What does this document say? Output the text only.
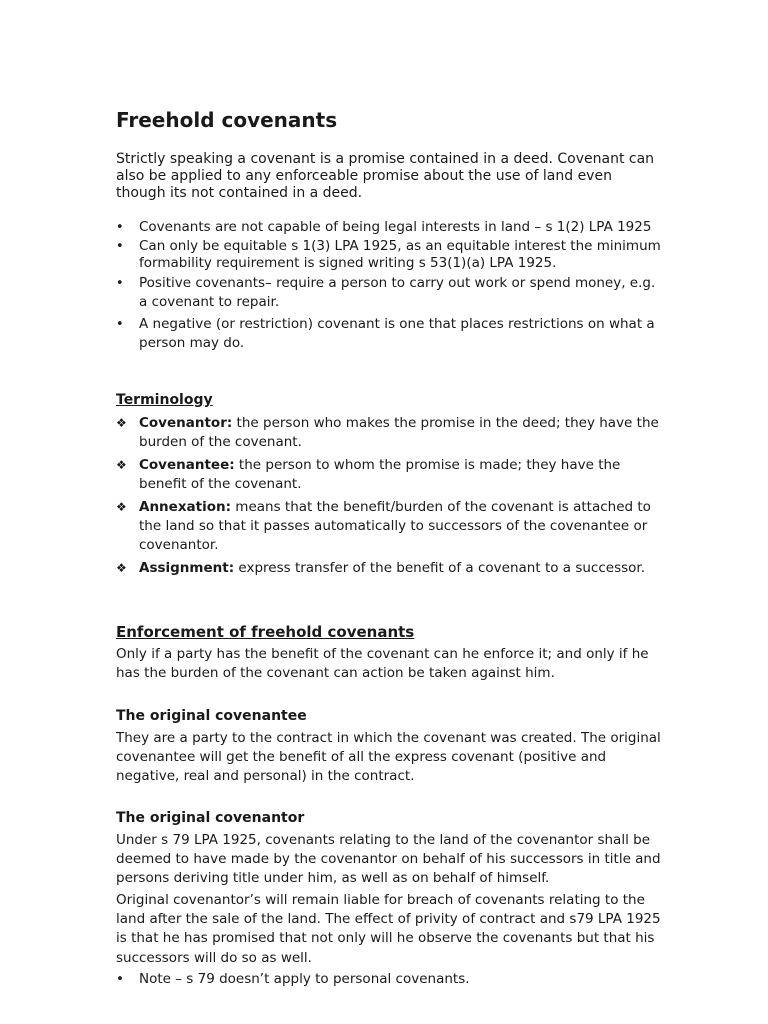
Freehold covenants

Strictly speaking a covenant is a promise contained in a deed. Covenant can also be applied to any enforceable promise about the use of land even though its not contained in a deed.

• Covenants are not capable of being legal interests in land – s 1(2) LPA 1925
• Can only be equitable s 1(3) LPA 1925, as an equitable interest the minimum formability requirement is signed writing s 53(1)(a) LPA 1925.
• Positive covenants– require a person to carry out work or spend money, e.g. a covenant to repair.
• A negative (or restriction) covenant is one that places restrictions on what a person may do.
Terminology
❖ Covenantor: the person who makes the promise in the deed; they have the burden of the covenant.
❖ Covenantee: the person to whom the promise is made; they have the benefit of the covenant.
❖ Annexation: means that the benefit/burden of the covenant is attached to the land so that it passes automatically to successors of the covenantee or covenantor.
❖ Assignment: express transfer of the benefit of a covenant to a successor.
Enforcement of freehold covenants

Only if a party has the benefit of the covenant can he enforce it; and only if he has the burden of the covenant can action be taken against him.

The original covenantee

They are a party to the contract in which the covenant was created. The original covenantee will get the benefit of all the express covenant (positive and negative, real and personal) in the contract.

The original covenantor

Under s 79 LPA 1925, covenants relating to the land of the covenantor shall be deemed to have made by the covenantor on behalf of his successors in title and persons deriving title under him, as well as on behalf of himself.

Original covenantor’s will remain liable for breach of covenants relating to the land after the sale of the land. The effect of privity of contract and s79 LPA 1925 is that he has promised that not only will he observe the covenants but that his successors will do so as well.

• Note – s 79 doesn’t apply to personal covenants.
